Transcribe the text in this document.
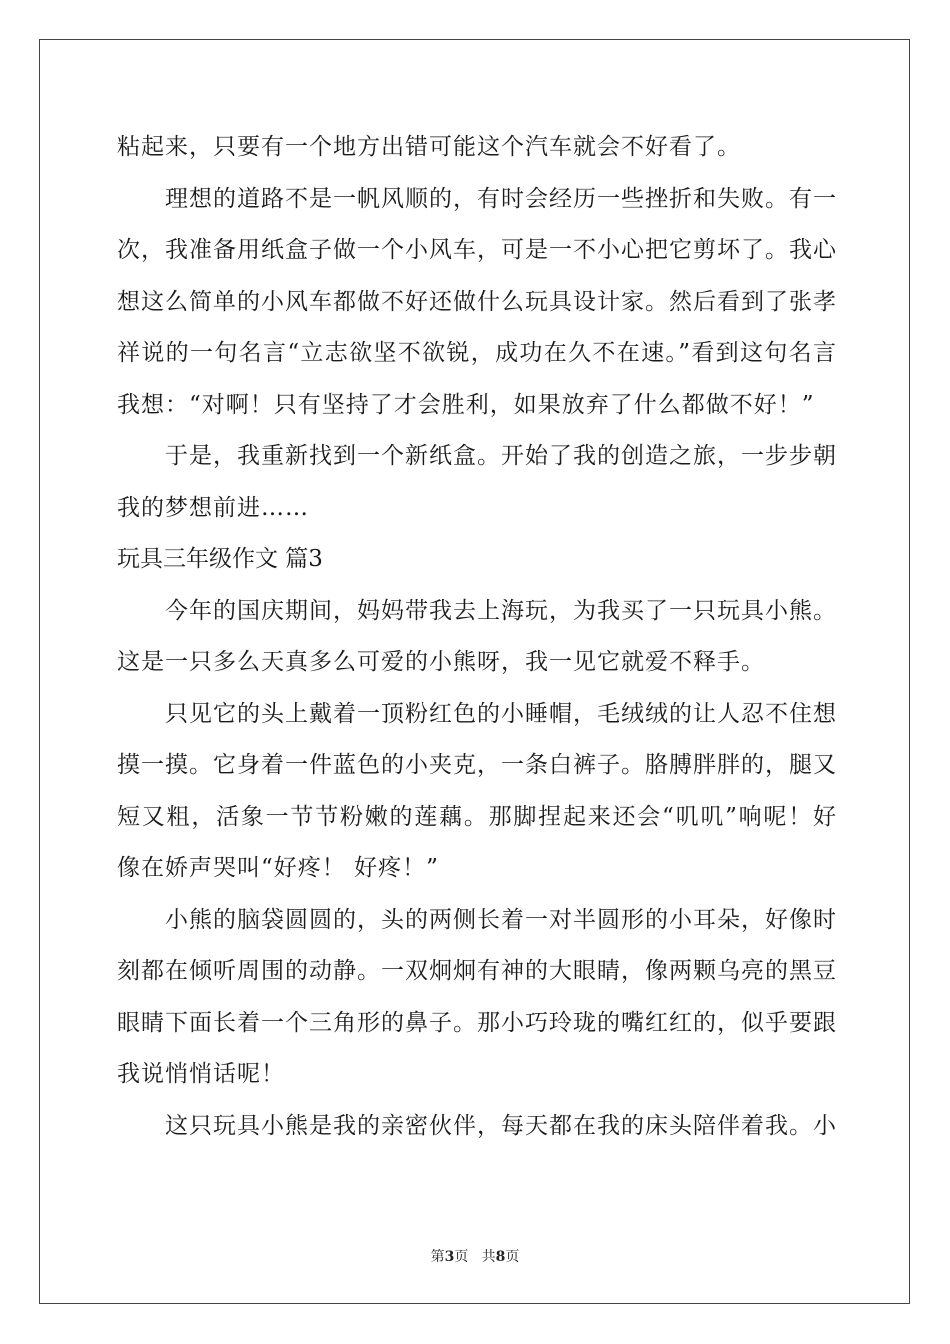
粘起来，只要有一个地方出错可能这个汽车就会不好看了。

理想的道路不是一帆风顺的，有时会经历一些挫折和失败。有一次，我准备用纸盒子做一个小风车，可是一不小心把它剪坏了。我心想这么简单的小风车都做不好还做什么玩具设计家。然后看到了张孝祥说的一句名言“立志欲坚不欲锐，成功在久不在速。”看到这句名言我想：“对啊！只有坚持了才会胜利，如果放弃了什么都做不好！”

于是，我重新找到一个新纸盒。开始了我的创造之旅，一步步朝我的梦想前进……

玩具三年级作文 篇3

今年的国庆期间，妈妈带我去上海玩，为我买了一只玩具小熊。这是一只多么天真多么可爱的小熊呀，我一见它就爱不释手。

只见它的头上戴着一顶粉红色的小睡帽，毛绒绒的让人忍不住想摸一摸。它身着一件蓝色的小夹克，一条白裤子。胳膊胖胖的，腿又短又粗，活象一节节粉嫩的莲藕。那脚捏起来还会“叽叽”响呢！好像在娇声哭叫“好疼！ 好疼！”

小熊的脑袋圆圆的，头的两侧长着一对半圆形的小耳朵，好像时刻都在倾听周围的动静。一双炯炯有神的大眼睛，像两颗乌亮的黑豆眼睛下面长着一个三角形的鼻子。那小巧玲珑的嘴红红的，似乎要跟我说悄悄话呢！

这只玩具小熊是我的亲密伙伴，每天都在我的床头陪伴着我。小

第3页 共8页
